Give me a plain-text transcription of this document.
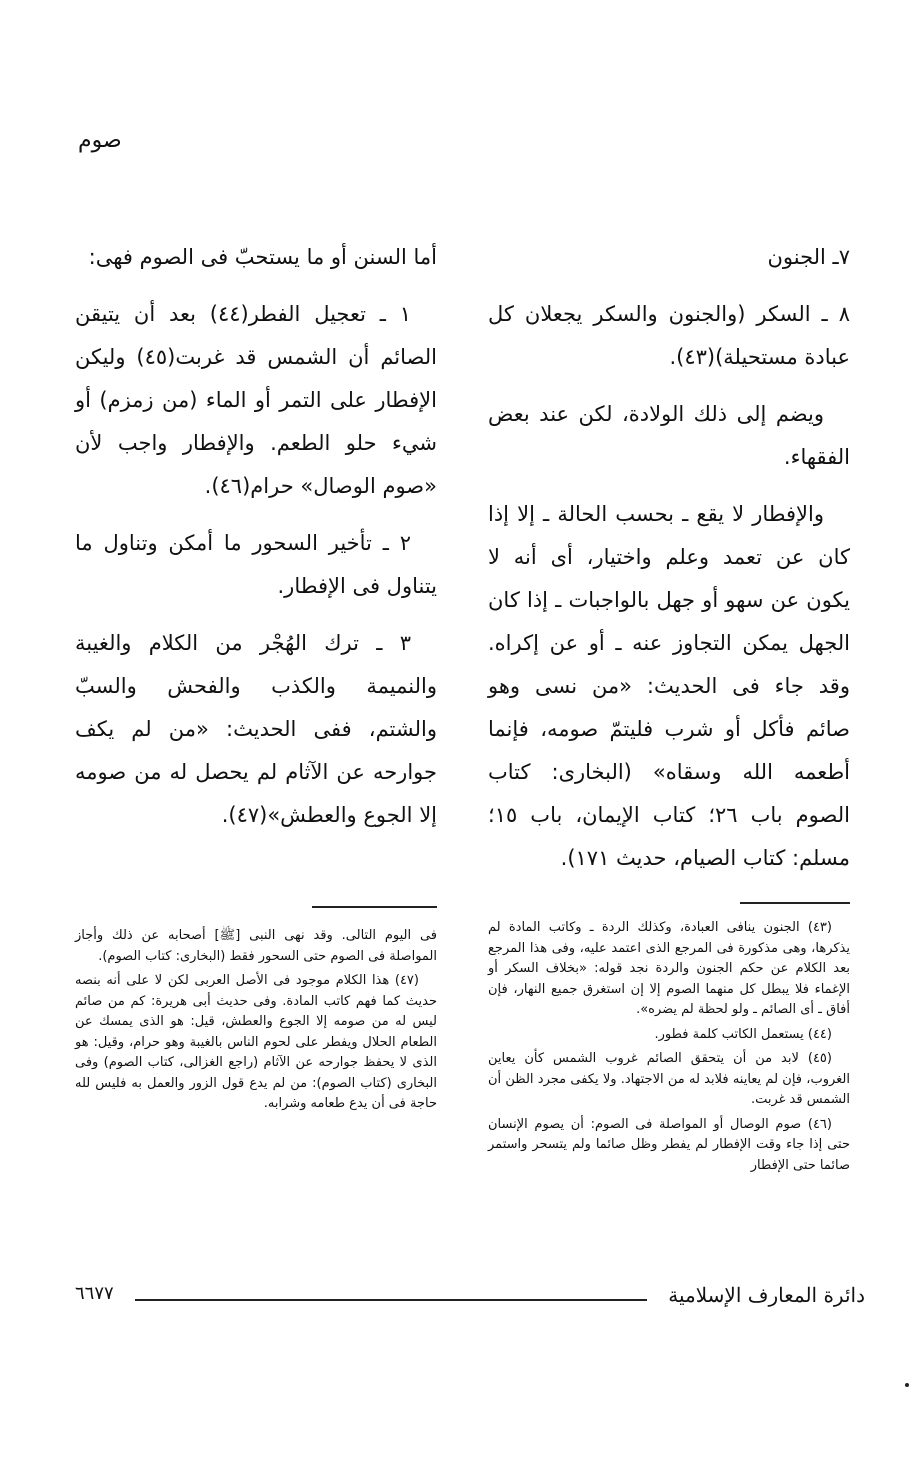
صوم

٧ـ الجنون

٨ ـ السكر (والجنون والسكر يجعلان كل عبادة مستحيلة)(٤٣).

ويضم إلى ذلك الولادة، لكن عند بعض الفقهاء.

والإفطار لا يقع ـ بحسب الحالة ـ إلا إذا كان عن تعمد وعلم واختيار، أى أنه لا يكون عن سهو أو جهل بالواجبات ـ إذا كان الجهل يمكن التجاوز عنه ـ أو عن إكراه. وقد جاء فى الحديث: «من نسى وهو صائم فأكل أو شرب فليتمّ صومه، فإنما أطعمه الله وسقاه» (البخارى: كتاب الصوم باب ٢٦؛ كتاب الإيمان، باب ١٥؛ مسلم: كتاب الصيام، حديث ١٧١).

أما السنن أو ما يستحبّ فى الصوم فهى:

١ ـ تعجيل الفطر(٤٤) بعد أن يتيقن الصائم أن الشمس قد غربت(٤٥) وليكن الإفطار على التمر أو الماء (من زمزم) أو شيء حلو الطعم. والإفطار واجب لأن «صوم الوصال» حرام(٤٦).

٢ ـ تأخير السحور ما أمكن وتناول ما يتناول فى الإفطار.

٣ ـ ترك الهُجْر من الكلام والغيبة والنميمة والكذب والفحش والسبّ والشتم، ففى الحديث: «من لم يكف جوارحه عن الآثام لم يحصل له من صومه إلا الجوع والعطش»(٤٧).

(٤٣) الجنون ينافى العبادة، وكذلك الردة ـ وكاتب المادة لم يذكرها، وهى مذكورة فى المرجع الذى اعتمد عليه، وفى هذا المرجع بعد الكلام عن حكم الجنون والردة نجد قوله: «بخلاف السكر أو الإغماء فلا يبطل كل منهما الصوم إلا إن استغرق جميع النهار، فإن أفاق ـ أى الصائم ـ ولو لحظة لم يضره».

(٤٤) يستعمل الكاتب كلمة فطور.

(٤٥) لابد من أن يتحقق الصائم غروب الشمس كأن يعاين الغروب، فإن لم يعاينه فلابد له من الاجتهاد. ولا يكفى مجرد الظن أن الشمس قد غربت.

(٤٦) صوم الوصال أو المواصلة فى الصوم: أن يصوم الإنسان حتى إذا جاء وقت الإفطار لم يفطر وظل صائما ولم يتسحر واستمر صائما حتى الإفطار

فى اليوم التالى. وقد نهى النبى [ﷺ] أصحابه عن ذلك وأجاز المواصلة فى الصوم حتى السحور فقط (البخارى: كتاب الصوم).

(٤٧) هذا الكلام موجود فى الأصل العربى لكن لا على أنه بنصه حديث كما فهم كاتب المادة. وفى حديث أبى هريرة: كم من صائم ليس له من صومه إلا الجوع والعطش، قيل: هو الذى يمسك عن الطعام الحلال ويفطر على لحوم الناس بالغيبة وهو حرام، وقيل: هو الذى لا يحفظ جوارحه عن الآثام (راجع الغزالى، كتاب الصوم) وفى البخارى (كتاب الصوم): من لم يدع قول الزور والعمل به فليس لله حاجة فى أن يدع طعامه وشرابه.

دائرة المعارف الإسلامية
٦٦٧٧
